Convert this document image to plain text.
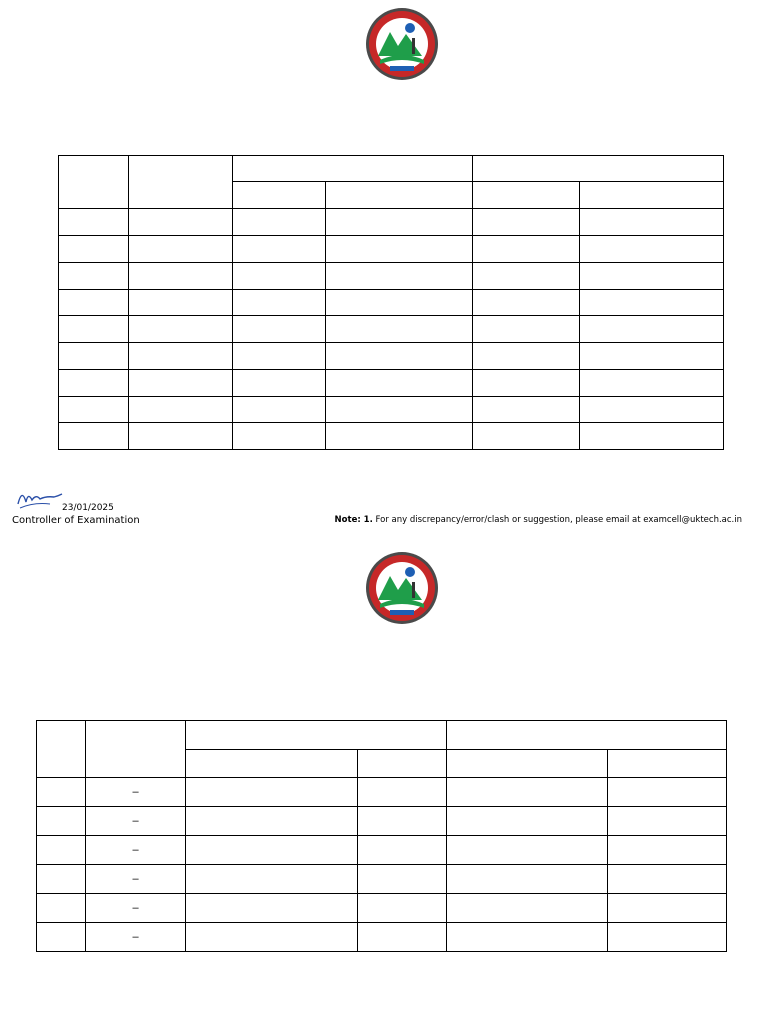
23/01/2025
Controller of Examination	Note: 1. For any discrepancy/error/clash or suggestion, please email at examcell@uktech.ac.in

	–				
	–				
	–				
	–				
	–				
	–				
